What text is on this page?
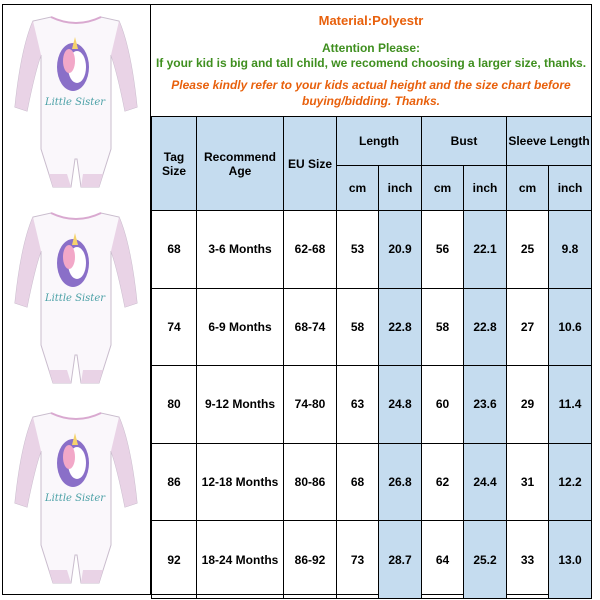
Little Sister
Little Sister
Little Sister
Material:Polyestr
Attention Please:
If your kid is big and tall child, we recomend choosing a larger size, thanks.
Please kindly refer to your kids actual height and the size chart before buying/bidding. Thanks.
Tag Size	Recommend Age	EU Size	Length		Bust		Sleeve Length	
			cm	inch	cm	inch	cm	inch
68	3-6 Months	62-68	53	20.9	56	22.1	25	9.8
74	6-9 Months	68-74	58	22.8	58	22.8	27	10.6
80	9-12 Months	74-80	63	24.8	60	23.6	29	11.4
86	12-18 Months	80-86	68	26.8	62	24.4	31	12.2
92	18-24 Months	86-92	73	28.7	64	25.2	33	13.0
